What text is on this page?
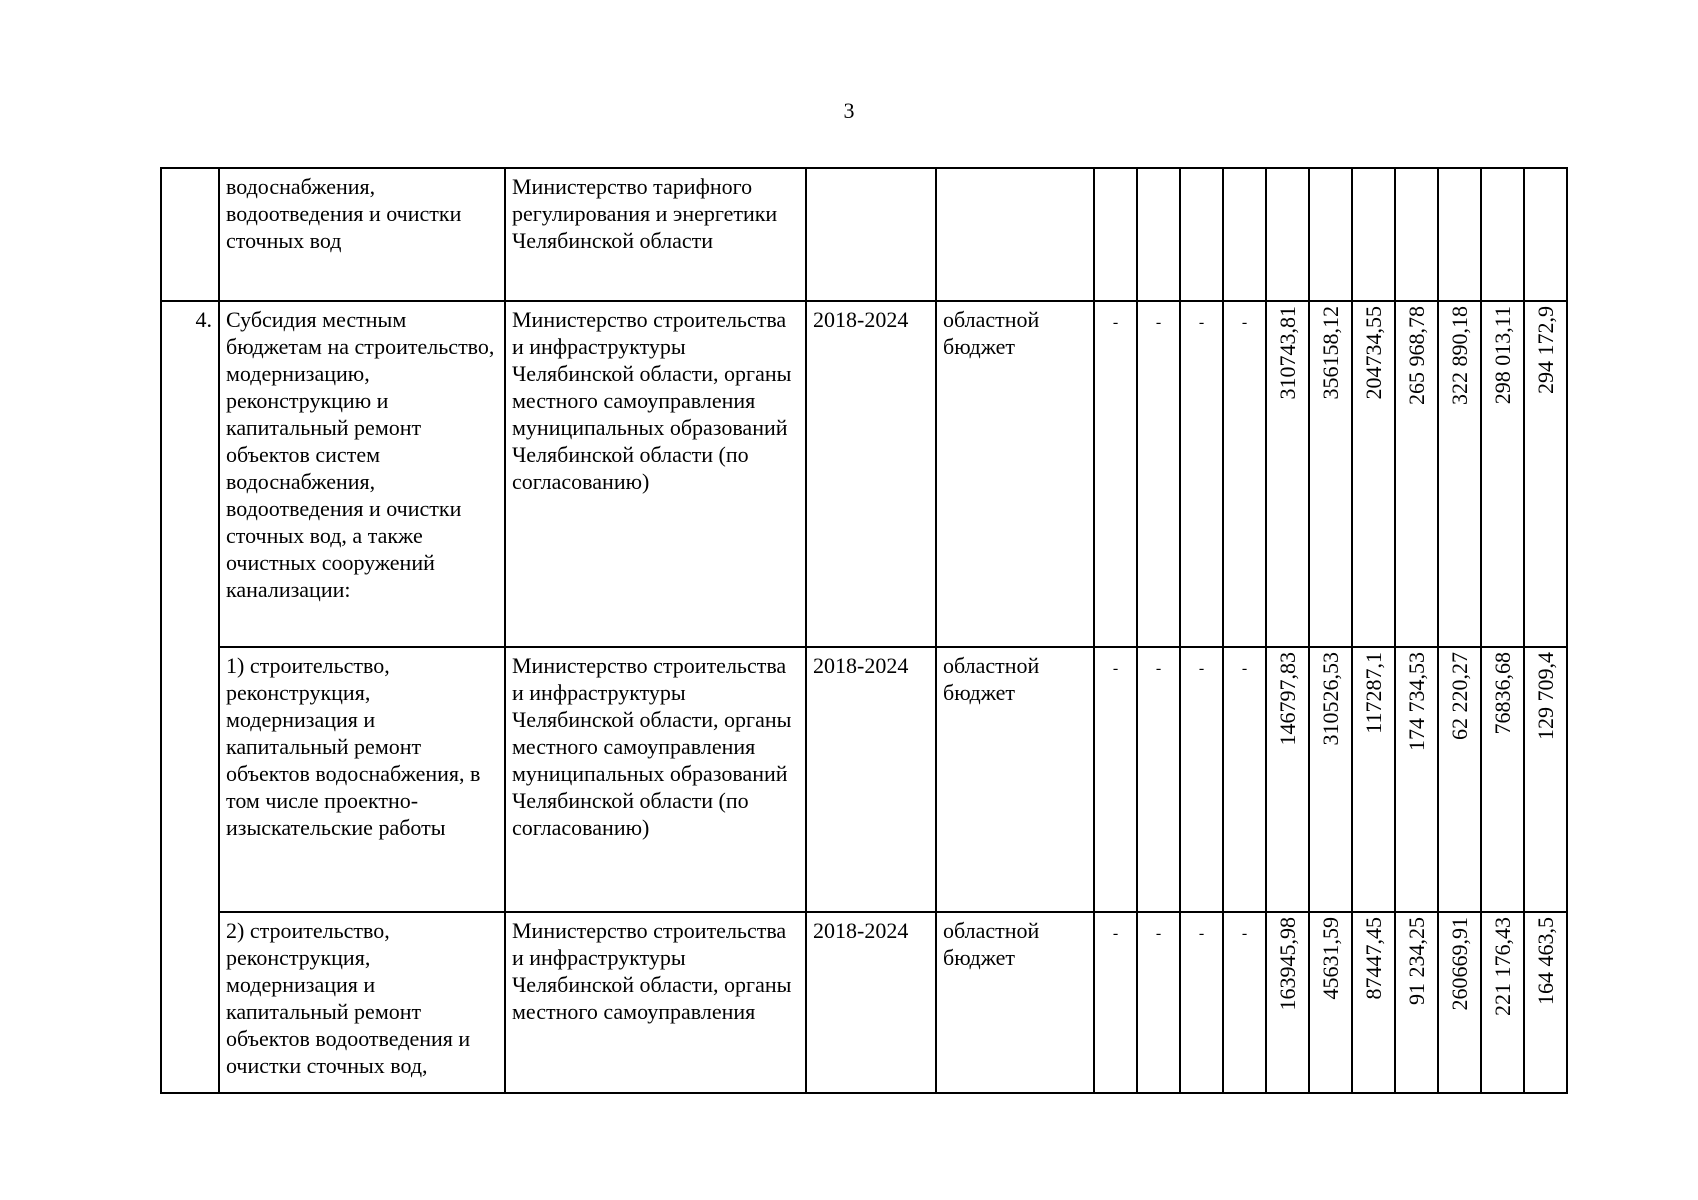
3
	водоснабжения, водоотведения и очистки сточных вод	Министерство тарифного регулирования и энергетики Челябинской области													
4.	Субсидия местным бюджетам на строительство, модернизацию, реконструкцию и капитальный ремонт объектов систем водоснабжения, водоотведения и очистки сточных вод, а также очистных сооружений канализации:	Министерство строительства и инфраструктуры Челябинской области, органы местного самоуправления муниципальных образований Челябинской области (по согласованию)	2018-2024	областной бюджет	-	-	-	-	310743,81	356158,12	204734,55	265 968,78	322 890,18	298 013,11	294 172,9
	1) строительство, реконструкция, модернизация и капитальный ремонт объектов водоснабжения, в том числе проектно-изыскательские работы	Министерство строительства и инфраструктуры Челябинской области, органы местного самоуправления муниципальных образований Челябинской области (по согласованию)	2018-2024	областной бюджет	-	-	-	-	146797,83	310526,53	117287,1	174 734,53	62 220,27	76836,68	129 709,4
	2) строительство, реконструкция, модернизация и капитальный ремонт объектов водоотведения и очистки сточных вод,	Министерство строительства и инфраструктуры Челябинской области, органы местного самоуправления	2018-2024	областной бюджет	-	-	-	-	163945,98	45631,59	87447,45	91 234,25	260669,91	221 176,43	164 463,5
